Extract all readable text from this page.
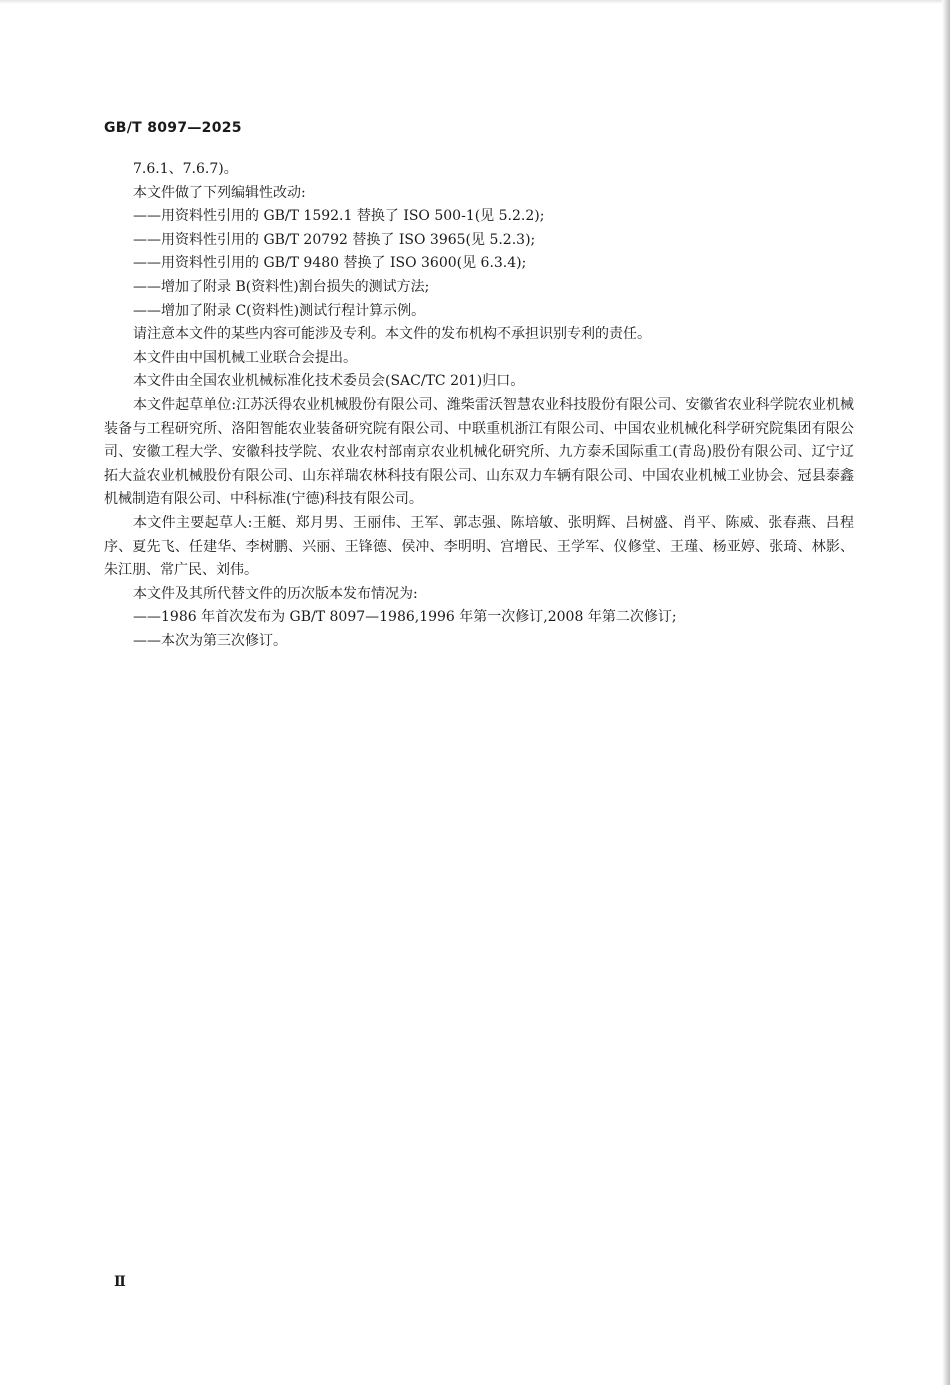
GB/T 8097—2025

7.6.1、7.6.7)。

本文件做了下列编辑性改动:

——用资料性引用的 GB/T 1592.1 替换了 ISO 500-1(见 5.2.2);

——用资料性引用的 GB/T 20792 替换了 ISO 3965(见 5.2.3);

——用资料性引用的 GB/T 9480 替换了 ISO 3600(见 6.3.4);

——增加了附录 B(资料性)割台损失的测试方法;

——增加了附录 C(资料性)测试行程计算示例。

请注意本文件的某些内容可能涉及专利。本文件的发布机构不承担识别专利的责任。

本文件由中国机械工业联合会提出。

本文件由全国农业机械标准化技术委员会(SAC/TC 201)归口。

本文件起草单位:江苏沃得农业机械股份有限公司、潍柴雷沃智慧农业科技股份有限公司、安徽省农业科学院农业机械装备与工程研究所、洛阳智能农业装备研究院有限公司、中联重机浙江有限公司、中国农业机械化科学研究院集团有限公司、安徽工程大学、安徽科技学院、农业农村部南京农业机械化研究所、九方泰禾国际重工(青岛)股份有限公司、辽宁辽拓大益农业机械股份有限公司、山东祥瑞农林科技有限公司、山东双力车辆有限公司、中国农业机械工业协会、冠县泰鑫机械制造有限公司、中科标准(宁德)科技有限公司。

本文件主要起草人:王艇、郑月男、王丽伟、王军、郭志强、陈培敏、张明辉、吕树盛、肖平、陈威、张春燕、吕程序、夏先飞、任建华、李树鹏、兴丽、王锋德、侯冲、李明明、宫增民、王学军、仪修堂、王瑾、杨亚婷、张琦、林影、朱江朋、常广民、刘伟。

本文件及其所代替文件的历次版本发布情况为:

——1986 年首次发布为 GB/T 8097—1986,1996 年第一次修订,2008 年第二次修订;

——本次为第三次修订。

Ⅱ
